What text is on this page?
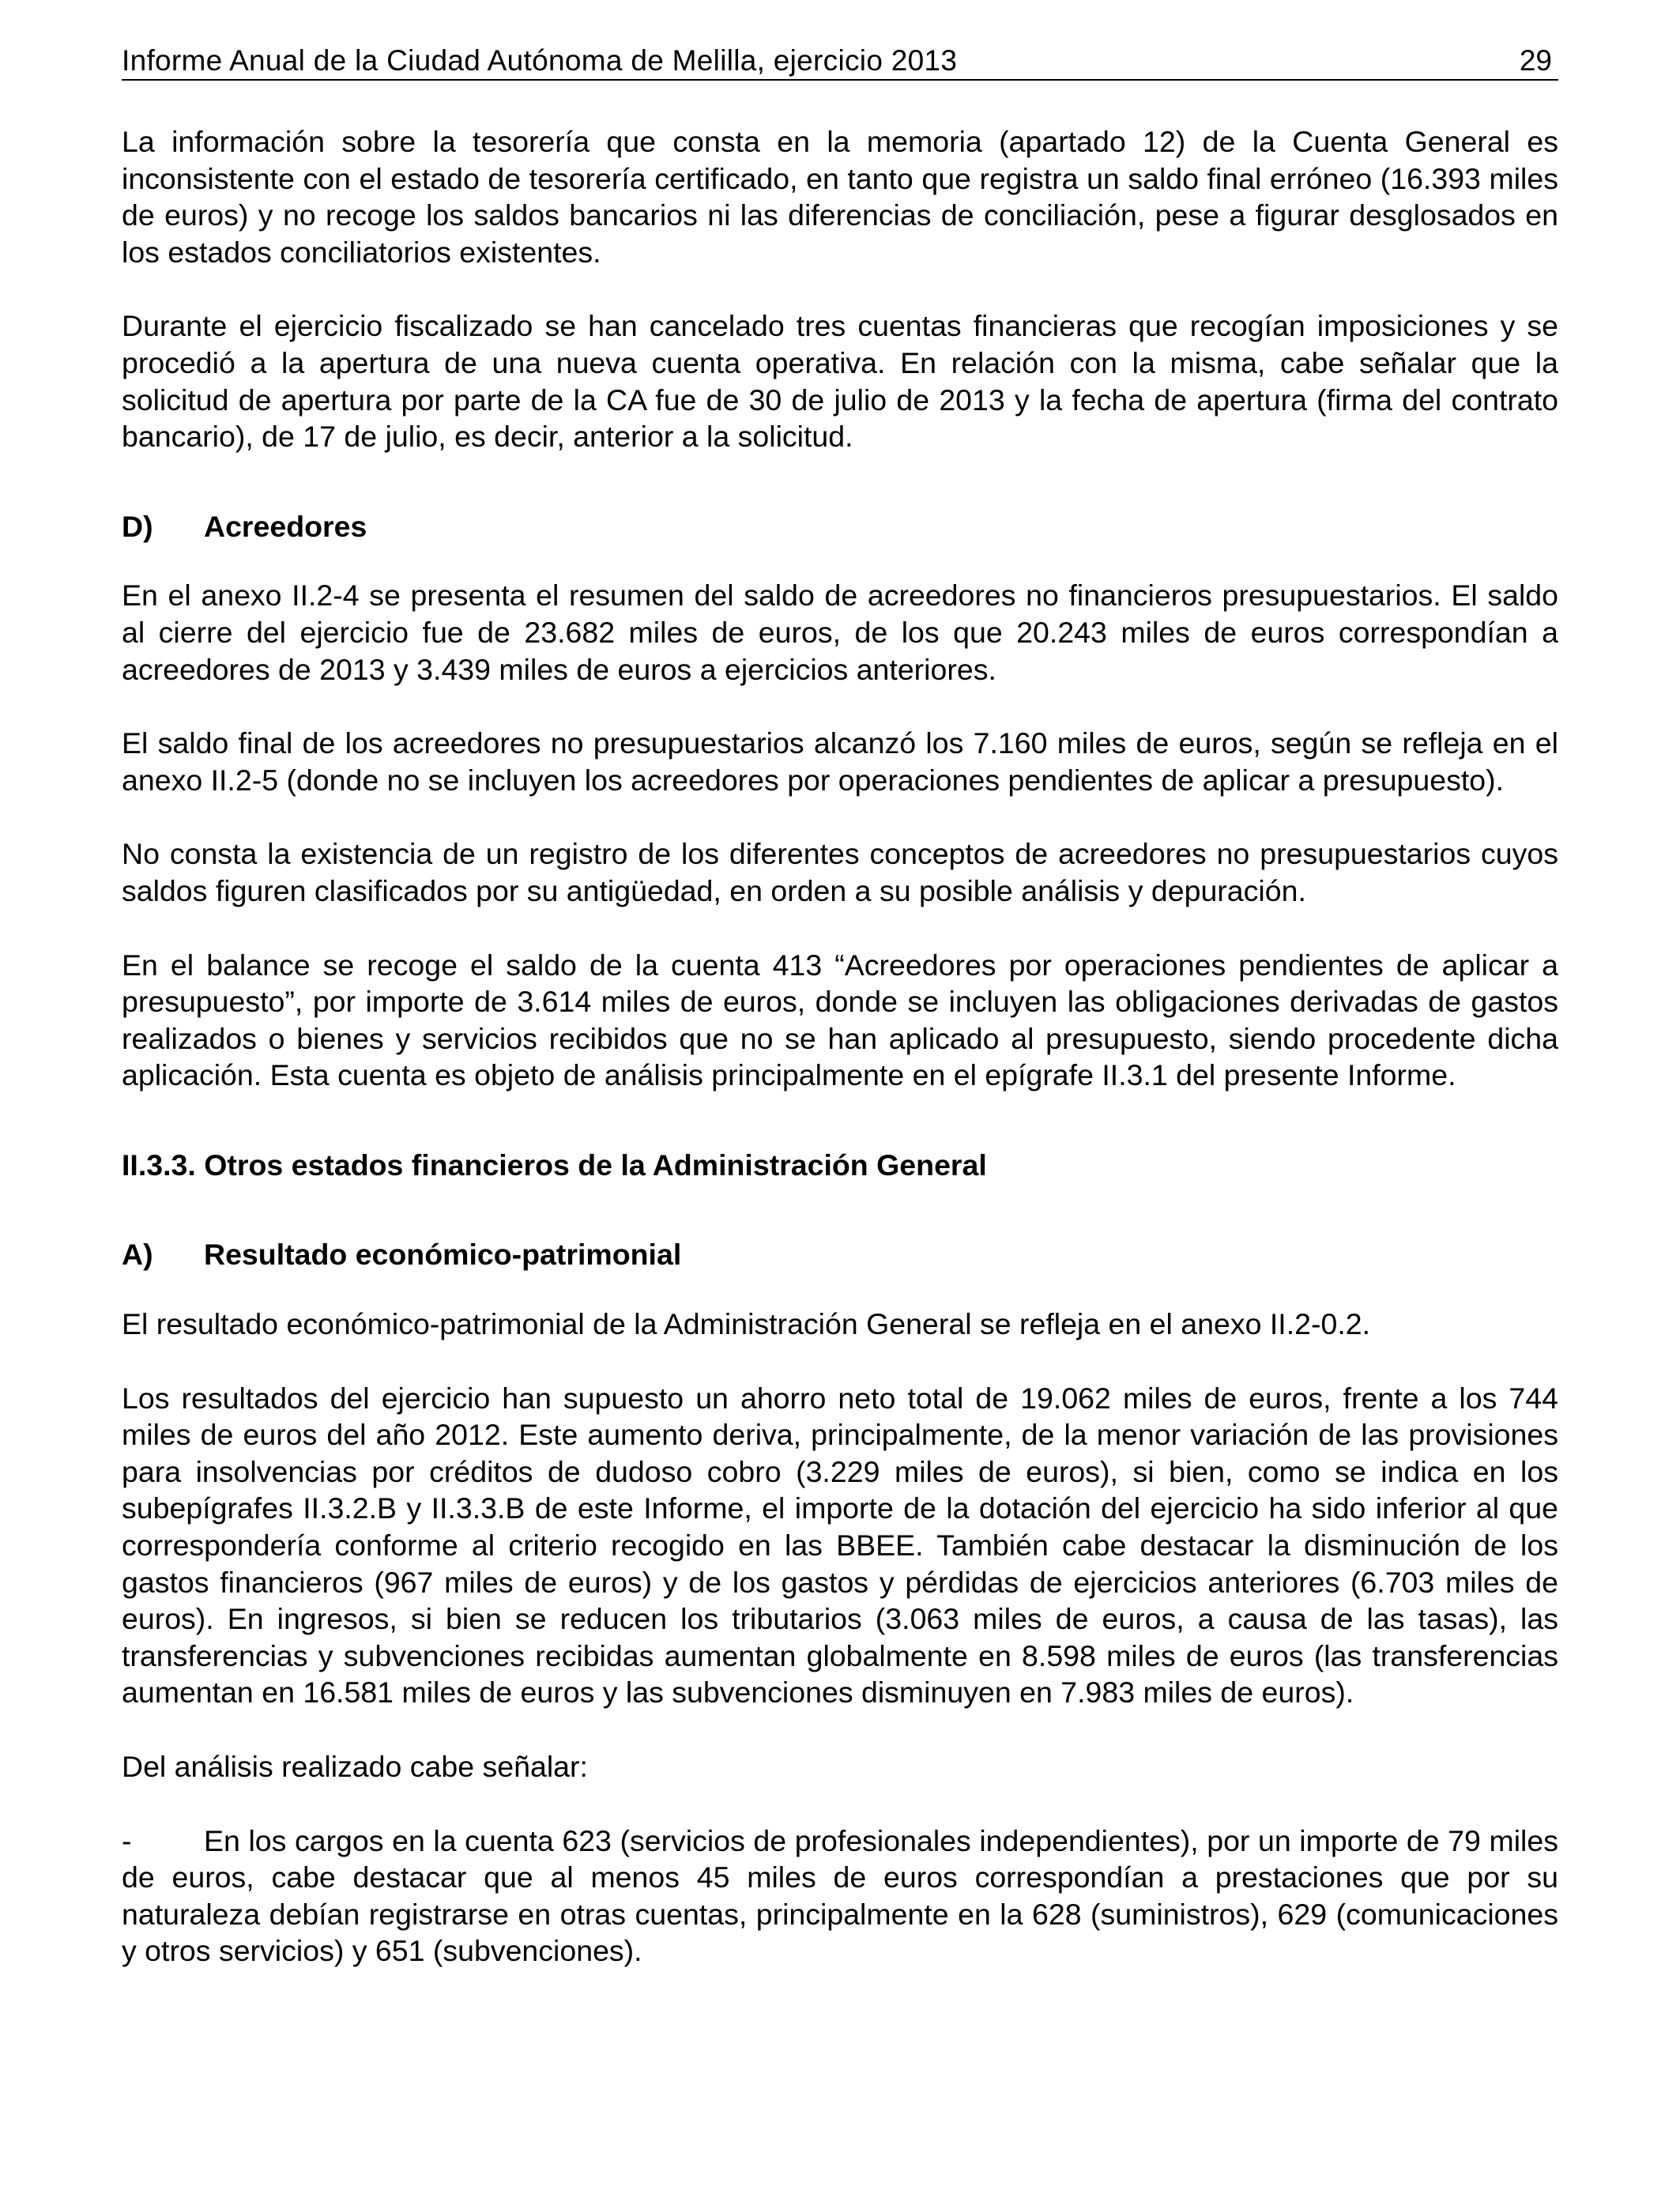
Informe Anual de la Ciudad Autónoma de Melilla, ejercicio 2013	29

La información sobre la tesorería que consta en la memoria (apartado 12) de la Cuenta General es inconsistente con el estado de tesorería certificado, en tanto que registra un saldo final erróneo (16.393 miles de euros) y no recoge los saldos bancarios ni las diferencias de conciliación, pese a figurar desglosados en los estados conciliatorios existentes.

Durante el ejercicio fiscalizado se han cancelado tres cuentas financieras que recogían imposiciones y se procedió a la apertura de una nueva cuenta operativa. En relación con la misma, cabe señalar que la solicitud de apertura por parte de la CA fue de 30 de julio de 2013 y la fecha de apertura (firma del contrato bancario), de 17 de julio, es decir, anterior a la solicitud.

D) Acreedores

En el anexo II.2-4 se presenta el resumen del saldo de acreedores no financieros presupuestarios. El saldo al cierre del ejercicio fue de 23.682 miles de euros, de los que 20.243 miles de euros correspondían a acreedores de 2013 y 3.439 miles de euros a ejercicios anteriores.

El saldo final de los acreedores no presupuestarios alcanzó los 7.160 miles de euros, según se refleja en el anexo II.2-5 (donde no se incluyen los acreedores por operaciones pendientes de aplicar a presupuesto).

No consta la existencia de un registro de los diferentes conceptos de acreedores no presupuestarios cuyos saldos figuren clasificados por su antigüedad, en orden a su posible análisis y depuración.

En el balance se recoge el saldo de la cuenta 413 “Acreedores por operaciones pendientes de aplicar a presupuesto”, por importe de 3.614 miles de euros, donde se incluyen las obligaciones derivadas de gastos realizados o bienes y servicios recibidos que no se han aplicado al presupuesto, siendo procedente dicha aplicación. Esta cuenta es objeto de análisis principalmente en el epígrafe II.3.1 del presente Informe.

II.3.3. Otros estados financieros de la Administración General

A) Resultado económico-patrimonial

El resultado económico-patrimonial de la Administración General se refleja en el anexo II.2-0.2.

Los resultados del ejercicio han supuesto un ahorro neto total de 19.062 miles de euros, frente a los 744 miles de euros del año 2012. Este aumento deriva, principalmente, de la menor variación de las provisiones para insolvencias por créditos de dudoso cobro (3.229 miles de euros), si bien, como se indica en los subepígrafes II.3.2.B y II.3.3.B de este Informe, el importe de la dotación del ejercicio ha sido inferior al que correspondería conforme al criterio recogido en las BBEE. También cabe destacar la disminución de los gastos financieros (967 miles de euros) y de los gastos y pérdidas de ejercicios anteriores (6.703 miles de euros). En ingresos, si bien se reducen los tributarios (3.063 miles de euros, a causa de las tasas), las transferencias y subvenciones recibidas aumentan globalmente en 8.598 miles de euros (las transferencias aumentan en 16.581 miles de euros y las subvenciones disminuyen en 7.983 miles de euros).

Del análisis realizado cabe señalar:

- En los cargos en la cuenta 623 (servicios de profesionales independientes), por un importe de 79 miles de euros, cabe destacar que al menos 45 miles de euros correspondían a prestaciones que por su naturaleza debían registrarse en otras cuentas, principalmente en la 628 (suministros), 629 (comunicaciones y otros servicios) y 651 (subvenciones).
